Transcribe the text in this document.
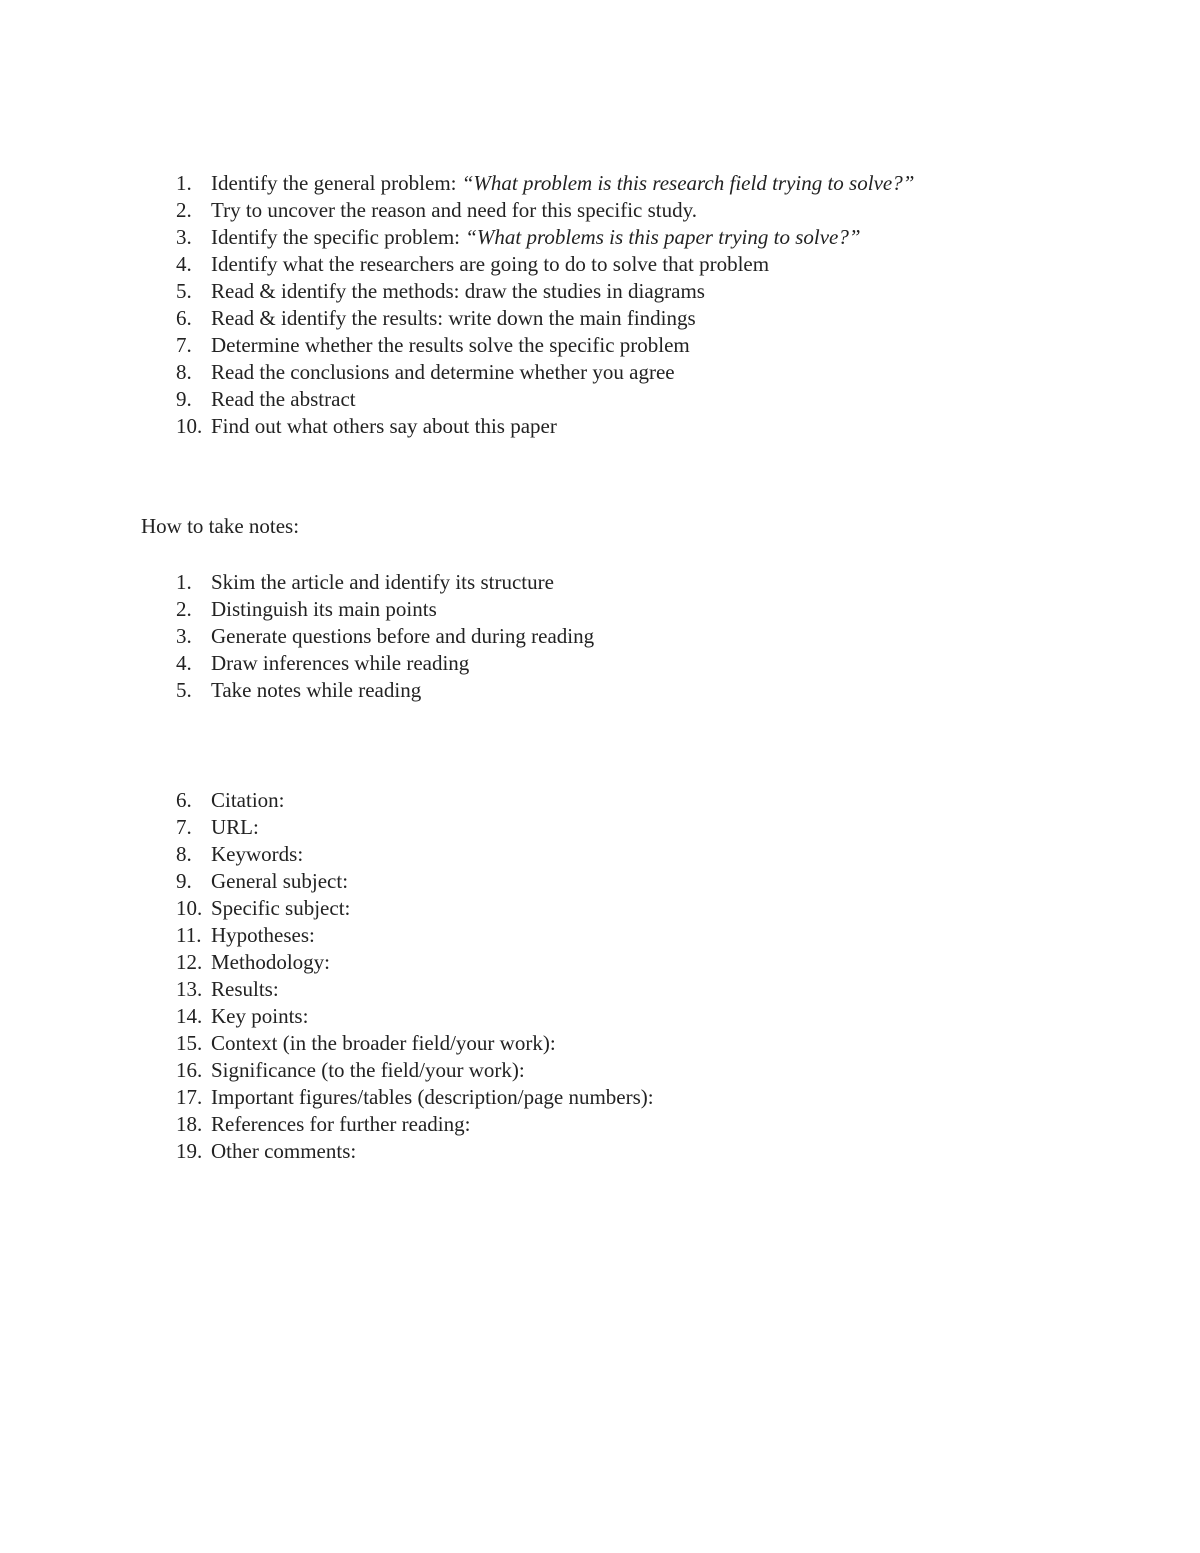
1. Identify the general problem: “What problem is this research field trying to solve?”
2. Try to uncover the reason and need for this specific study.
3. Identify the specific problem: “What problems is this paper trying to solve?”
4. Identify what the researchers are going to do to solve that problem
5. Read & identify the methods: draw the studies in diagrams
6. Read & identify the results: write down the main findings
7. Determine whether the results solve the specific problem
8. Read the conclusions and determine whether you agree
9. Read the abstract
10. Find out what others say about this paper
How to take notes:
1. Skim the article and identify its structure
2. Distinguish its main points
3. Generate questions before and during reading
4. Draw inferences while reading
5. Take notes while reading
6. Citation:
7. URL:
8. Keywords:
9. General subject:
10. Specific subject:
11. Hypotheses:
12. Methodology:
13. Results:
14. Key points:
15. Context (in the broader field/your work):
16. Significance (to the field/your work):
17. Important figures/tables (description/page numbers):
18. References for further reading:
19. Other comments:
